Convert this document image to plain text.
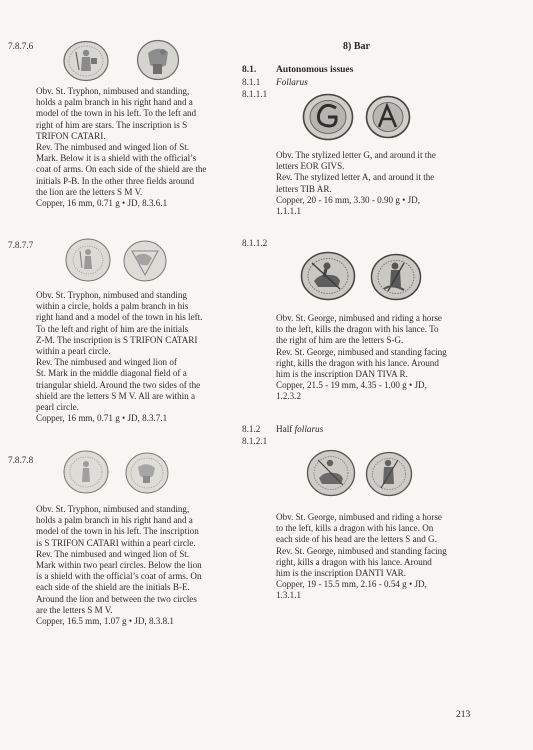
7.8.7.6
Obv. St. Tryphon, nimbused and standing,
holds a palm branch in his right hand and a
model of the town in his left. To the left and
right of him are stars. The inscription is S
TRIFON CATARI.
Rev. The nimbused and winged lion of St.
Mark. Below it is a shield with the official’s
coat of arms. On each side of the shield are the
initials P-B. In the other three fields around
the lion are the letters S M V.
Copper, 16 mm, 0.71 g • JD, 8.3.6.1
7.8.7.7
Obv. St. Tryphon, nimbused and standing
within a circle, holds a palm branch in his
right hand and a model of the town in his left.
To the left and right of him are the initials
Z-M. The inscription is S TRIFON CATARI
within a pearl circle.
Rev. The nimbused and winged lion of
St. Mark in the middle diagonal field of a
triangular shield. Around the two sides of the
shield are the letters S M V. All are within a
pearl circle.
Copper, 16 mm, 0.71 g • JD, 8.3.7.1
7.8.7.8
Obv. St. Tryphon, nimbused and standing,
holds a palm branch in his right hand and a
model of the town in his left. The inscription
is S TRIFON CATARI within a pearl circle.
Rev. The nimbused and winged lion of St.
Mark within two pearl circles. Below the lion
is a shield with the official’s coat of arms. On
each side of the shield are the initials B-E.
Around the lion and between the two circles
are the letters S M V.
Copper, 16.5 mm, 1.07 g • JD, 8.3.8.1
8) Bar
8.1. Autonomous issues
8.1.1 Follarus
8.1.1.1
Obv. The stylized letter G, and around it the
letters EOR GIVS.
Rev. The stylized letter A, and around it the
letters TIB AR.
Copper, 20 - 16 mm, 3.30 - 0.90 g • JD,
1.1.1.1
8.1.1.2
Obv. St. George, nimbused and riding a horse
to the left, kills the dragon with his lance. To
the right of him are the letters S-G.
Rev. St. George, nimbused and standing facing
right, kills the dragon with his lance. Around
him is the inscription DAN TIVA R.
Copper, 21.5 - 19 mm, 4.35 - 1.00 g • JD,
1.2.3.2
8.1.2 Half follarus
8.1.2.1
Obv. St. George, nimbused and riding a horse
to the left, kills a dragon with his lance. On
each side of his head are the letters S and G.
Rev. St. George, nimbused and standing facing
right, kills a dragon with his lance. Around
him is the inscription DANTI VAR.
Copper, 19 - 15.5 mm, 2.16 - 0.54 g • JD,
1.3.1.1
213
